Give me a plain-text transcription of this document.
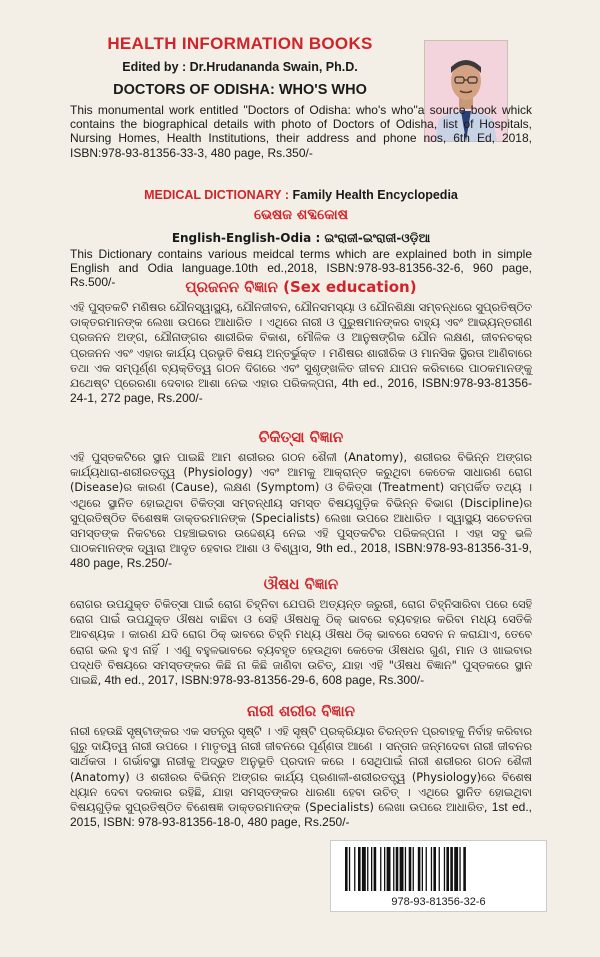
HEALTH INFORMATION BOOKS
Edited by : Dr.Hrudananda Swain, Ph.D.
DOCTORS OF ODISHA: WHO'S WHO
This monumental work entitled "Doctors of Odisha: who's who"a source book whick contains the biographical details with photo of Doctors of Odisha, list of Hospitals, Nursing Homes, Health Institutions, their address and phone nos, 6th Ed, 2018, ISBN:978-93-81356-33-3, 480 page, Rs.350/-
MEDICAL DICTIONARY : Family Health Encyclopedia
ଭେଷଜ ଶବ୍ଦକୋଷ
English-English-Odia : ଇଂରାଜୀ-ଇଂରାଜୀ-ଓଡ଼ିଆ
This Dictionary contains various meidcal terms which are explained both in simple English and Odia language.10th ed.,2018, ISBN:978-93-81356-32-6, 960 page, Rs.500/-	ପ୍ରଜନନ ବିଜ୍ଞାନ (Sex education)
ଏହି ପୁସ୍ତକଟି ମଣିଷର ଯୌନସ୍ୱାସ୍ଥ୍ୟ, ଯୌନଜୀବନ, ଯୌନସମସ୍ୟା ଓ ଯୌନଶିକ୍ଷା ସମ୍ବନ୍ଧରେ ସୁପ୍ରତିଷ୍ଠିତ ଡାକ୍ତରମାନଙ୍କ ଲେଖା ଉପରେ ଆଧାରିତ । ଏଥିରେ ନାରୀ ଓ ପୁରୁଷମାନଙ୍କର ବାହ୍ୟ ଏବଂ ଆଭ୍ୟନ୍ତରୀଣ ପ୍ରଜନନ ଅଙ୍ଗ, ଯୌନାଙ୍ଗର ଶାରୀରିକ ବିକାଶ, ମୌଳିକ ଓ ଆନୁଷଙ୍ଗିକ ଯୌନ ଲକ୍ଷଣ, ଜୀବନଚକ୍ର ପ୍ରଜନନ ଏବଂ ଏହାର କାର୍ଯ୍ୟ ପ୍ରଭୃତି ବିଷୟ ଅନ୍ତର୍ଭୁକ୍ତ । ମଣିଷର ଶାରୀରିକ ଓ ମାନସିକ ସ୍ଥିରତା ଆଣିବାରେ ତଥା ଏକ ସମ୍ପୂର୍ଣ୍ଣ ବ୍ୟକ୍ତିତ୍ୱ ଗଠନ ଦିଗରେ ଏବଂ ସୁଶୃଙ୍ଖଳିତ ଜୀବନ ଯାପନ କରିବାରେ ପାଠକମାନଙ୍କୁ ଯଥେଷ୍ଟ ପ୍ରେରଣା ଦେବାର ଆଶା ନେଇ ଏହାର ପରିକଳ୍ପନା, 4th ed., 2016, ISBN:978-93-81356-24-1, 272 page, Rs.200/-
ଚିକିତ୍ସା ବିଜ୍ଞାନ
ଏହି ପୁସ୍ତକଟିରେ ସ୍ଥାନ ପାଇଛି ଆମ ଶରୀରର ଗଠନ ଶୈଳୀ (Anatomy), ଶରୀରର ବିଭିନ୍ନ ଅଙ୍ଗର କାର୍ଯ୍ୟଧାରା-ଶରୀରତତ୍ତ୍ୱ (Physiology) ଏବଂ ଆମକୁ ଆକ୍ରାନ୍ତ କରୁଥିବା କେତେକ ସାଧାରଣ ରୋଗ (Disease)ର କାରଣ (Cause), ଲକ୍ଷଣ (Symptom) ଓ ଚିକିତ୍ସା (Treatment) ସମ୍ପର୍କିତ ତଥ୍ୟ । ଏଥିରେ ସ୍ଥାନିତ ହୋଇଥିବା ଚିକିତ୍ସା ସମ୍ବନ୍ଧୀୟ ସମସ୍ତ ବିଷୟଗୁଡ଼ିକ ବିଭିନ୍ନ ବିଭାଗ (Discipline)ର ସୁପ୍ରତିଷ୍ଠିତ ବିଶେଷଜ୍ଞ ଡାକ୍ତରମାନଙ୍କ (Specialists) ଲେଖା ଉପରେ ଆଧାରିତ । ସ୍ୱାସ୍ଥ୍ୟ ସଚେତନତା ସମସ୍ତଙ୍କ ନିକଟରେ ପହଞ୍ଚାଇବାର ଉଦ୍ଦେଶ୍ୟ ନେଇ ଏହି ପୁସ୍ତକଟିର ପରିକଳ୍ପନା । ଏହା ସବୁ ଭଳି ପାଠକମାନଙ୍କ ଦ୍ୱାରା ଆଦୃତ ହେବାର ଆଶା ଓ ବିଶ୍ୱାସ, 9th ed., 2018, ISBN:978-93-81356-31-9, 480 page, Rs.250/-
ଔଷଧ ବିଜ୍ଞାନ
ରୋଗର ଉପଯୁକ୍ତ ଚିକିତ୍ସା ପାଇଁ ରୋଗ ଚିହ୍ନିବା ଯେପରି ଅତ୍ୟନ୍ତ ଜରୁରୀ, ରୋଗ ଚିହ୍ନିସାରିବା ପରେ ସେହି ରୋଗ ପାଇଁ ଉପଯୁକ୍ତ ଔଷଧ ବାଛିବା ଓ ସେହି ଔଷଧକୁ ଠିକ୍ ଭାବରେ ବ୍ୟବହାର କରିବା ମଧ୍ୟ ସେତିକି ଆବଶ୍ୟକ । କାରଣ ଯଦି ରୋଗ ଠିକ୍ ଭାବରେ ଚିହ୍ନି ମଧ୍ୟ ଔଷଧ ଠିକ୍ ଭାବରେ ସେବନ ନ କରାଯାଏ, ତେବେ ରୋଗ ଭଲ ହୁଏ ନାହିଁ । ଏଣୁ ବହୁଳଭାବରେ ବ୍ୟବହୃତ ହେଉଥିବା କେତେକ ଔଷଧର ଗୁଣ, ମାନ ଓ ଖାଇବାର ପଦ୍ଧତି ବିଷୟରେ ସମସ୍ତଙ୍କର କିଛି ନା କିଛି ଜାଣିବା ଉଚିତ୍, ଯାହା ଏହି "ଔଷଧ ବିଜ୍ଞାନ" ପୁସ୍ତକରେ ସ୍ଥାନ ପାଇଛି, 4th ed., 2017, ISBN:978-93-81356-29-6, 608 page, Rs.300/-
ନାରୀ ଶରୀର ବିଜ୍ଞାନ
ନାରୀ ହେଉଛି ସୃଷ୍ଟାଙ୍କର ଏକ ସତନ୍ତ୍ର ସୃଷ୍ଟି । ଏହି ସୃଷ୍ଟି ପ୍ରକ୍ରିୟାର ଚିରନ୍ତନ ପ୍ରବାହକୁ ନିର୍ବାହ କରିବାର ଗୁରୁ ଦାୟିତ୍ୱ ନାରୀ ଉପରେ । ମାତୃତ୍ୱ ନାରୀ ଜୀବନରେ ପୂର୍ଣ୍ଣତା ଆଣେ । ସନ୍ତାନ ଜନ୍ମଦେବା ନାରୀ ଜୀବନର ସାର୍ଥକତା । ଗର୍ଭାବସ୍ଥା ନାରୀକୁ ଅଦ୍ଭୁତ ଅନୁଭୂତି ପ୍ରଦାନ କରେ । ସେଥିପାଇଁ ନାରୀ ଶରୀରର ଗଠନ ଶୈଳୀ (Anatomy) ଓ ଶରୀରର ବିଭିନ୍ନ ଅଙ୍ଗର କାର୍ଯ୍ୟ ପ୍ରଣାଳୀ-ଶରୀରତତ୍ତ୍ୱ (Physiology)ରେ ବିଶେଷ ଧ୍ୟାନ ଦେବା ଦରକାର ରହିଛି, ଯାହା ସମସ୍ତଙ୍କର ଧାରଣା ହେବା ଉଚିତ୍ । ଏଥିରେ ସ୍ଥାନିତ ହୋଇଥିବା ବିଷୟଗୁଡ଼ିକ ସୁପ୍ରତିଷ୍ଠିତ ବିଶେଷଜ୍ଞ ଡାକ୍ତରମାନଙ୍କ (Specialists) ଲେଖା ଉପରେ ଆଧାରିତ, 1st ed., 2015, ISBN: 978-93-81356-18-0, 480 page, Rs.250/-
978-93-81356-32-6
